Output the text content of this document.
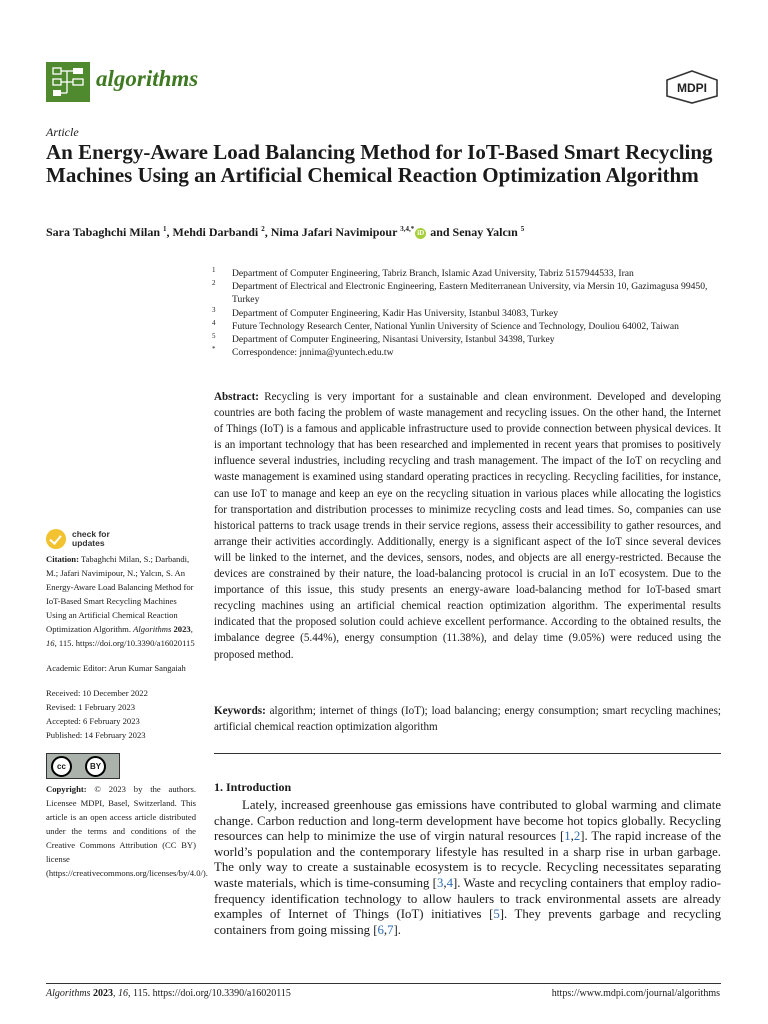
algorithms	MDPI
Article
An Energy-Aware Load Balancing Method for IoT-Based Smart Recycling Machines Using an Artificial Chemical Reaction Optimization Algorithm
Sara Tabaghchi Milan $^1$, Mehdi Darbandi $^2$, Nima Jafari Navimipour $^{3,4,*}$ iD and Senay Yalcın $^5$
1 Department of Computer Engineering, Tabriz Branch, Islamic Azad University, Tabriz 5157944533, Iran
2 Department of Electrical and Electronic Engineering, Eastern Mediterranean University, via Mersin 10, Gazimagusa 99450, Turkey
3 Department of Computer Engineering, Kadir Has University, Istanbul 34083, Turkey
4 Future Technology Research Center, National Yunlin University of Science and Technology, Douliou 64002, Taiwan
5 Department of Computer Engineering, Nisantasi University, Istanbul 34398, Turkey
* Correspondence: jnnima@yuntech.edu.tw
Abstract: Recycling is very important for a sustainable and clean environment. Developed and developing countries are both facing the problem of waste management and recycling issues. On the other hand, the Internet of Things (IoT) is a famous and applicable infrastructure used to provide connection between physical devices. It is an important technology that has been researched and implemented in recent years that promises to positively influence several industries, including recycling and trash management. The impact of the IoT on recycling and waste management is examined using standard operating practices in recycling. Recycling facilities, for instance, can use IoT to manage and keep an eye on the recycling situation in various places while allocating the logistics for transportation and distribution processes to minimize recycling costs and lead times. So, companies can use historical patterns to track usage trends in their service regions, assess their accessibility to gather resources, and arrange their activities accordingly. Additionally, energy is a significant aspect of the IoT since several devices will be linked to the internet, and the devices, sensors, nodes, and objects are all energy-restricted. Because the devices are constrained by their nature, the load-balancing protocol is crucial in an IoT ecosystem. Due to the importance of this issue, this study presents an energy-aware load-balancing method for IoT-based smart recycling machines using an artificial chemical reaction optimization algorithm. The experimental results indicated that the proposed solution could achieve excellent performance. According to the obtained results, the imbalance degree (5.44%), energy consumption (11.38%), and delay time (9.05%) were reduced using the proposed method.
Keywords: algorithm; internet of things (IoT); load balancing; energy consumption; smart recycling machines; artificial chemical reaction optimization algorithm
check for
updates
Citation: Tabaghchi Milan, S.; Darbandi, M.; Jafari Navimipour, N.; Yalcın, S. An Energy-Aware Load Balancing Method for IoT-Based Smart Recycling Machines Using an Artificial Chemical Reaction Optimization Algorithm. Algorithms 2023, 16, 115. https://doi.org/10.3390/a16020115
Academic Editor: Arun Kumar Sangaiah
Received: 10 December 2022
Revised: 1 February 2023
Accepted: 6 February 2023
Published: 14 February 2023
cc	BY
Copyright: © 2023 by the authors. Licensee MDPI, Basel, Switzerland. This article is an open access article distributed under the terms and conditions of the Creative Commons Attribution (CC BY) license (https://creativecommons.org/licenses/by/4.0/).
1. Introduction
Lately, increased greenhouse gas emissions have contributed to global warming and climate change. Carbon reduction and long-term development have become hot topics globally. Recycling resources can help to minimize the use of virgin natural resources [1,2]. The rapid increase of the world’s population and the contemporary lifestyle has resulted in a sharp rise in urban garbage. The only way to create a sustainable ecosystem is to recycle. Recycling necessitates separating waste materials, which is time-consuming [3,4]. Waste and recycling containers that employ radio-frequency identification technology to allow haulers to track environmental assets are already examples of Internet of Things (IoT) initiatives [5]. They prevents garbage and recycling containers from going missing [6,7].
Algorithms 2023, 16, 115. https://doi.org/10.3390/a16020115	https://www.mdpi.com/journal/algorithms
